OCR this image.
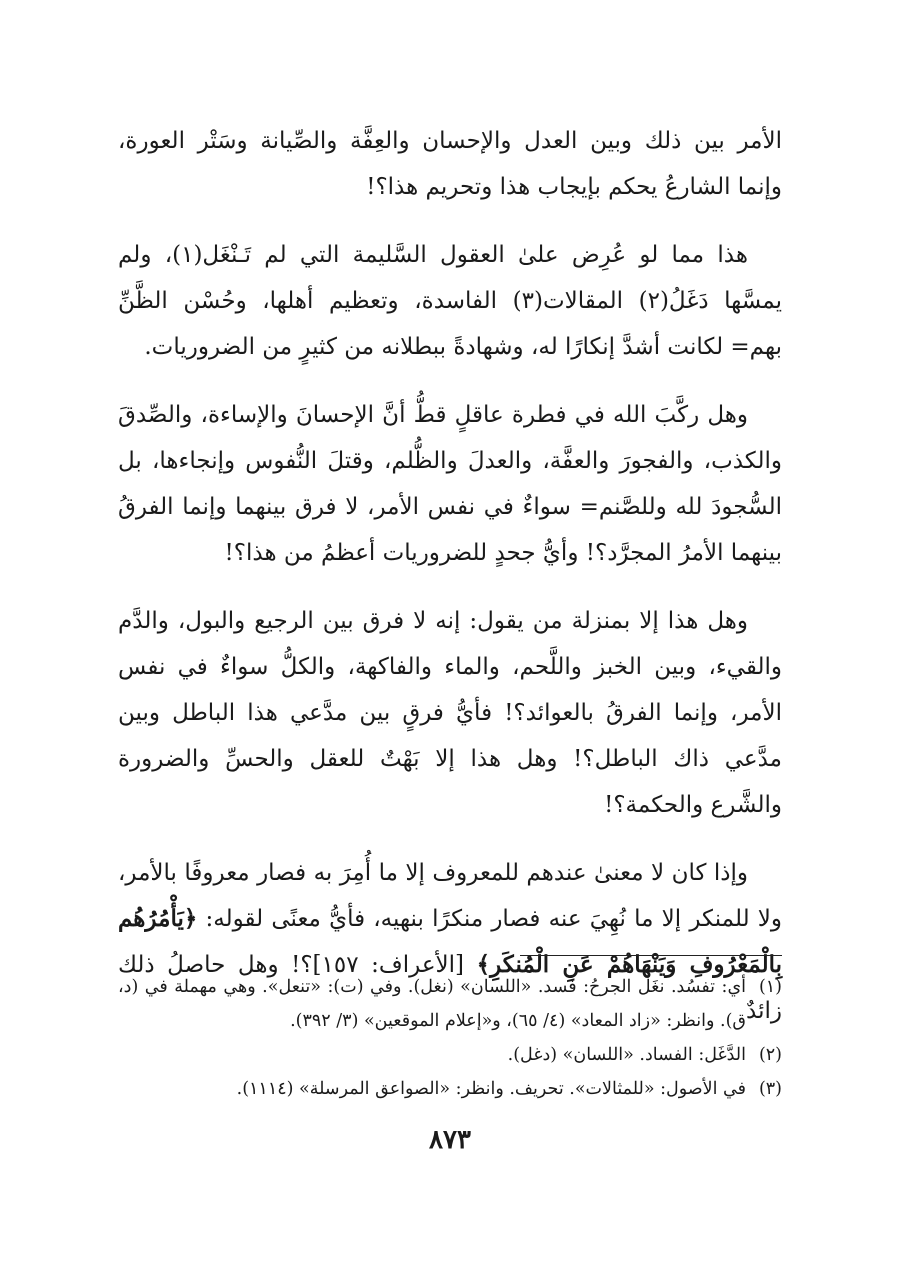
الأمر بين ذلك وبين العدل والإحسان والعِفَّة والصِّيانة وسَتْر العورة، وإنما الشارعُ يحكم بإيجاب هذا وتحريم هذا؟!

هذا مما لو عُرِض علىٰ العقول السَّليمة التي لم تَـنْغَل(١)، ولم يمسَّها دَغَلُ(٢) المقالات(٣) الفاسدة، وتعظيم أهلها، وحُسْن الظَّنِّ بهم= لكانت أشدَّ إنكارًا له، وشهادةً ببطلانه من كثيرٍ من الضروريات.

وهل ركَّبَ الله في فطرة عاقلٍ قطُّ أنَّ الإحسانَ والإساءة، والصِّدقَ والكذب، والفجورَ والعفَّة، والعدلَ والظُّلم، وقتلَ النُّفوس وإنجاءها، بل السُّجودَ لله وللصَّنم= سواءٌ في نفس الأمر، لا فرق بينهما وإنما الفرقُ بينهما الأمرُ المجرَّد؟! وأيُّ جحدٍ للضروريات أعظمُ من هذا؟!

وهل هذا إلا بمنزلة من يقول: إنه لا فرق بين الرجيع والبول، والدَّم والقيء، وبين الخبز واللَّحم، والماء والفاكهة، والكلُّ سواءٌ في نفس الأمر، وإنما الفرقُ بالعوائد؟! فأيُّ فرقٍ بين مدَّعي هذا الباطل وبين مدَّعي ذاك الباطل؟! وهل هذا إلا بَهْتٌ للعقل والحسِّ والضرورة والشَّرع والحكمة؟!

وإذا كان لا معنىٰ عندهم للمعروف إلا ما أُمِرَ به فصار معروفًا بالأمر، ولا للمنكر إلا ما نُهِيَ عنه فصار منكرًا بنهيه، فأيُّ معنًى لقوله: ﴿يَأْمُرُهُم بِالْمَعْرُوفِ وَيَنْهَاهُمْ عَنِ الْمُنكَرِ﴾ [الأعراف: ١٥٧]؟! وهل حاصلُ ذلك زائدٌ

(١)أي: تفسُد. نغَل الجرحُ: فسد. «اللسان» (نغل). وفي (ت): «تنعل». وهي مهملة في (د، ق). وانظر: «زاد المعاد» (٤/ ٦٥)، و«إعلام الموقعين» (٣/ ٣٩٢).

(٢)الدَّغَل: الفساد. «اللسان» (دغل).

(٣)في الأصول: «للمثالات». تحريف. وانظر: «الصواعق المرسلة» (١١١٤).

٨٧٣
